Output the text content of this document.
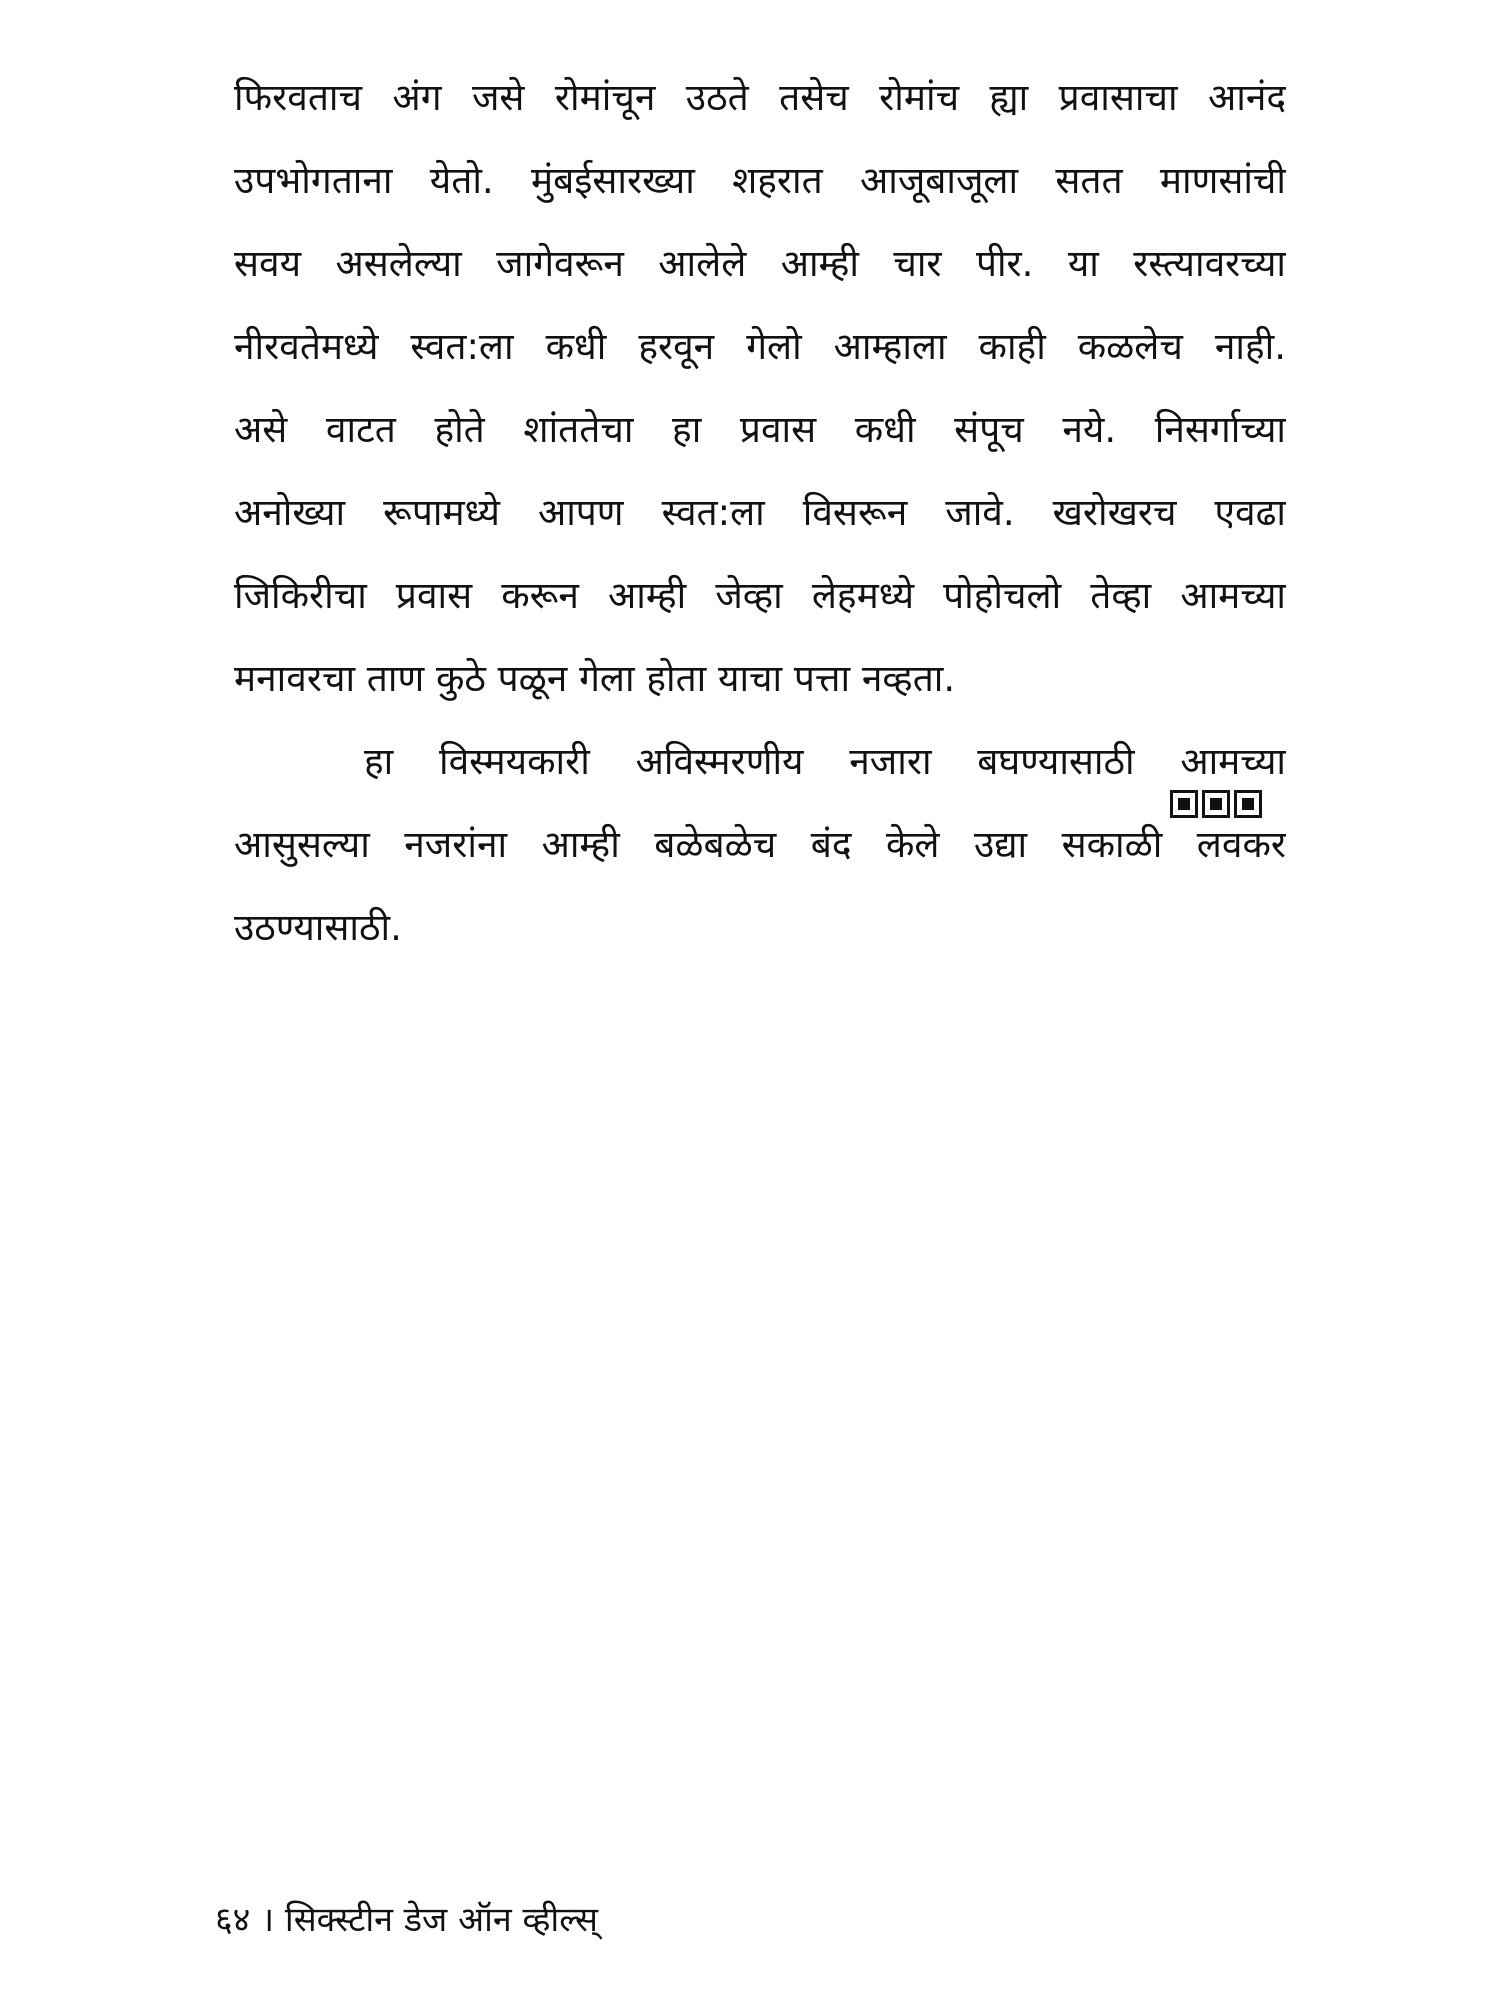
फिरवताच अंग जसे रोमांचून उठते तसेच रोमांच ह्या प्रवासाचा आनंद
उपभोगताना येतो. मुंबईसारख्या शहरात आजूबाजूला सतत माणसांची
सवय असलेल्या जागेवरून आलेले आम्ही चार पीर. या रस्त्यावरच्या
नीरवतेमध्ये स्वत:ला कधी हरवून गेलो आम्हाला काही कळलेच नाही.
असे वाटत होते शांततेचा हा प्रवास कधी संपूच नये. निसर्गाच्या
अनोख्या रूपामध्ये आपण स्वत:ला विसरून जावे. खरोखरच एवढा
जिकिरीचा प्रवास करून आम्ही जेव्हा लेहमध्ये पोहोचलो तेव्हा आमच्या
मनावरचा ताण कुठे पळून गेला होता याचा पत्ता नव्हता.
हा विस्मयकारी अविस्मरणीय नजारा बघण्यासाठी आमच्या
आसुसल्या नजरांना आम्ही बळेबळेच बंद केले उद्या सकाळी लवकर
उठण्यासाठी.
६४ । सिक्स्टीन डेज ऑन व्हील्स्
